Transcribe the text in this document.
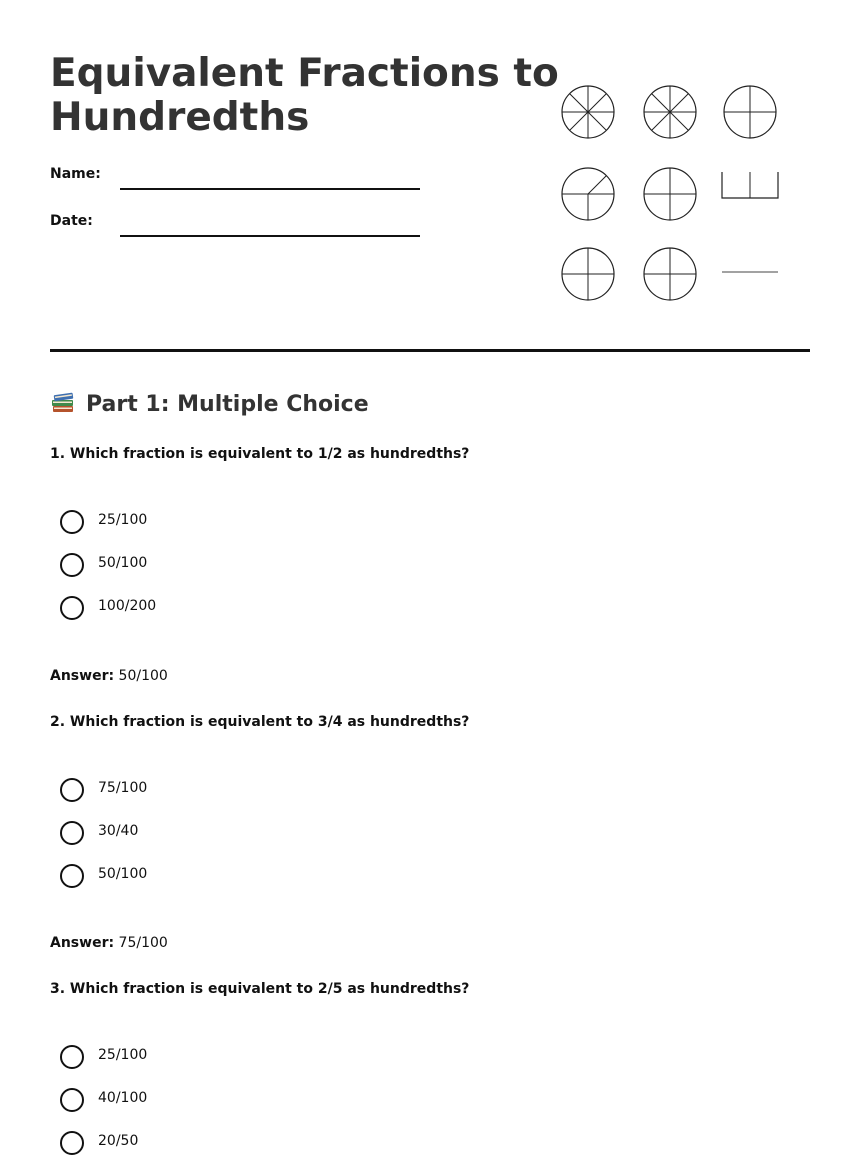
Equivalent Fractions to
Hundredths
Name:
Date:
Part 1: Multiple Choice
1. Which fraction is equivalent to 1/2 as hundredths?
25/100
50/100
100/200
Answer: 50/100
2. Which fraction is equivalent to 3/4 as hundredths?
75/100
30/40
50/100
Answer: 75/100
3. Which fraction is equivalent to 2/5 as hundredths?
25/100
40/100
20/50
